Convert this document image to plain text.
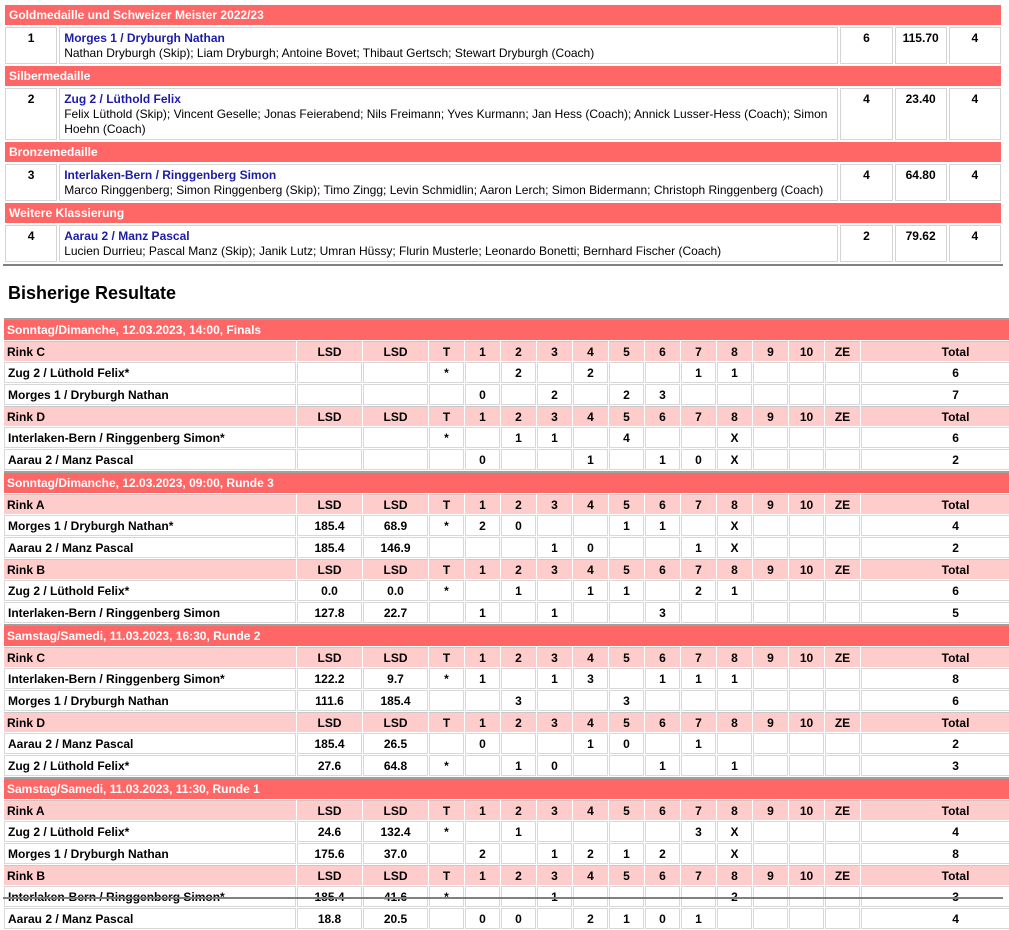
Goldmedaille und Schweizer Meister 2022/23				
1	Morges 1 / Dryburgh Nathan
Nathan Dryburgh (Skip); Liam Dryburgh; Antoine Bovet; Thibaut Gertsch; Stewart Dryburgh (Coach)	6	115.70	4
Silbermedaille				
2	Zug 2 / Lüthold Felix
Felix Lüthold (Skip); Vincent Geselle; Jonas Feierabend; Nils Freimann; Yves Kurmann; Jan Hess (Coach); Annick Lusser-Hess (Coach); Simon Hoehn (Coach)	4	23.40	4
Bronzemedaille				
3	Interlaken-Bern / Ringgenberg Simon
Marco Ringgenberg; Simon Ringgenberg (Skip); Timo Zingg; Levin Schmidlin; Aaron Lerch; Simon Bidermann; Christoph Ringgenberg (Coach)	4	64.80	4
Weitere Klassierung				
4	Aarau 2 / Manz Pascal
Lucien Durrieu; Pascal Manz (Skip); Janik Lutz; Umran Hüssy; Flurin Musterle; Leonardo Bonetti; Bernhard Fischer (Coach)	2	79.62	4
Bisherige Resultate
Sonntag/Dimanche, 12.03.2023, 14:00, Finals															
Rink C	LSD	LSD	T	1	2	3	4	5	6	7	8	9	10	ZE	Total
Zug 2 / Lüthold Felix*			*		2		2			1	1				6
Morges 1 / Dryburgh Nathan				0		2		2	3						7
Rink D	LSD	LSD	T	1	2	3	4	5	6	7	8	9	10	ZE	Total
Interlaken-Bern / Ringgenberg Simon*			*		1	1		4			X				6
Aarau 2 / Manz Pascal				0			1		1	0	X				2
Sonntag/Dimanche, 12.03.2023, 09:00, Runde 3															
Rink A	LSD	LSD	T	1	2	3	4	5	6	7	8	9	10	ZE	Total
Morges 1 / Dryburgh Nathan*	185.4	68.9	*	2	0			1	1		X				4
Aarau 2 / Manz Pascal	185.4	146.9				1	0			1	X				2
Rink B	LSD	LSD	T	1	2	3	4	5	6	7	8	9	10	ZE	Total
Zug 2 / Lüthold Felix*	0.0	0.0	*		1		1	1		2	1				6
Interlaken-Bern / Ringgenberg Simon	127.8	22.7		1		1			3						5
Samstag/Samedi, 11.03.2023, 16:30, Runde 2															
Rink C	LSD	LSD	T	1	2	3	4	5	6	7	8	9	10	ZE	Total
Interlaken-Bern / Ringgenberg Simon*	122.2	9.7	*	1		1	3		1	1	1				8
Morges 1 / Dryburgh Nathan	111.6	185.4			3			3							6
Rink D	LSD	LSD	T	1	2	3	4	5	6	7	8	9	10	ZE	Total
Aarau 2 / Manz Pascal	185.4	26.5		0			1	0		1					2
Zug 2 / Lüthold Felix*	27.6	64.8	*		1	0			1		1				3
Samstag/Samedi, 11.03.2023, 11:30, Runde 1															
Rink A	LSD	LSD	T	1	2	3	4	5	6	7	8	9	10	ZE	Total
Zug 2 / Lüthold Felix*	24.6	132.4	*		1					3	X				4
Morges 1 / Dryburgh Nathan	175.6	37.0		2		1	2	1	2		X				8
Rink B	LSD	LSD	T	1	2	3	4	5	6	7	8	9	10	ZE	Total
Interlaken-Bern / Ringgenberg Simon*	185.4	41.6	*			1					2				3
Aarau 2 / Manz Pascal	18.8	20.5		0	0		2	1	0	1					4
